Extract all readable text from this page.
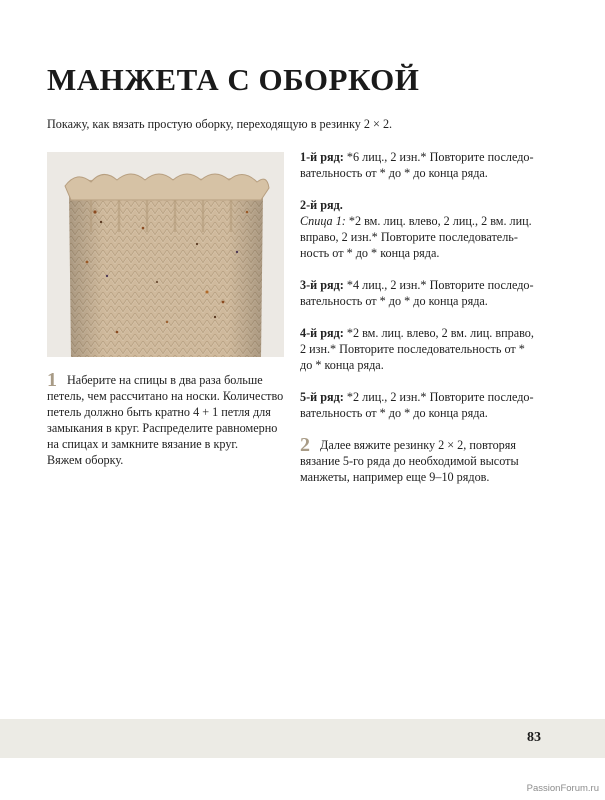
МАНЖЕТА С ОБОРКОЙ
Покажу, как вязать простую оборку, переходящую в резинку 2 × 2.
1 Наберите на спицы в два раза больше
петель, чем рассчитано на носки. Количество
петель должно быть кратно 4 + 1 петля для
замыкания в круг. Распределите равномерно
на спицах и замкните вязание в круг.
Вяжем оборку.
1-й ряд: *6 лиц., 2 изн.* Повторите последо-
вательность от * до * до конца ряда.
2-й ряд.
Спица 1: *2 вм. лиц. влево, 2 лиц., 2 вм. лиц.
вправо, 2 изн.* Повторите последователь-
ность от * до * конца ряда.
3-й ряд: *4 лиц., 2 изн.* Повторите последо-
вательность от * до * до конца ряда.
4-й ряд: *2 вм. лиц. влево, 2 вм. лиц. вправо,
2 изн.* Повторите последовательность от *
до * конца ряда.
5-й ряд: *2 лиц., 2 изн.* Повторите последо-
вательность от * до * до конца ряда.
2 Далее вяжите резинку 2 × 2, повторяя
вязание 5-го ряда до необходимой высоты
манжеты, например еще 9–10 рядов.
83
PassionForum.ru
